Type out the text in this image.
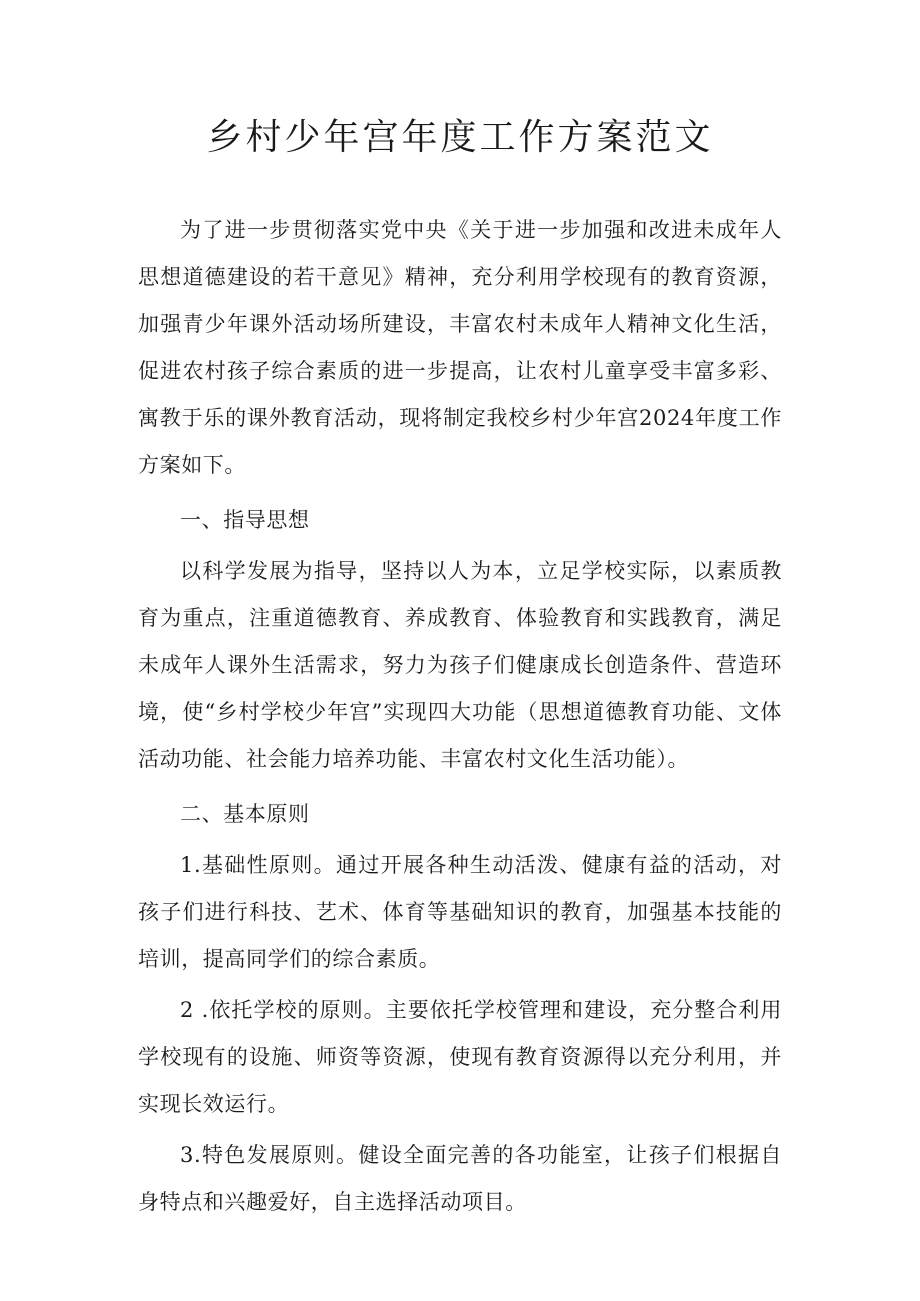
乡村少年宫年度工作方案范文

为了进一步贯彻落实党中央《关于进一步加强和改进未成年人思想道德建设的若干意见》精神，充分利用学校现有的教育资源，加强青少年课外活动场所建设，丰富农村未成年人精神文化生活，促进农村孩子综合素质的进一步提高，让农村儿童享受丰富多彩、寓教于乐的课外教育活动，现将制定我校乡村少年宫2024年度工作方案如下。

一、指导思想

以科学发展为指导，坚持以人为本，立足学校实际，以素质教育为重点，注重道德教育、养成教育、体验教育和实践教育，满足未成年人课外生活需求，努力为孩子们健康成长创造条件、营造环境，使“乡村学校少年宫”实现四大功能（思想道德教育功能、文体活动功能、社会能力培养功能、丰富农村文化生活功能）。

二、基本原则

1.基础性原则。通过开展各种生动活泼、健康有益的活动，对孩子们进行科技、艺术、体育等基础知识的教育，加强基本技能的培训，提高同学们的综合素质。

2 .依托学校的原则。主要依托学校管理和建设，充分整合利用学校现有的设施、师资等资源，使现有教育资源得以充分利用，并实现长效运行。

3.特色发展原则。健设全面完善的各功能室，让孩子们根据自身特点和兴趣爱好，自主选择活动项目。
